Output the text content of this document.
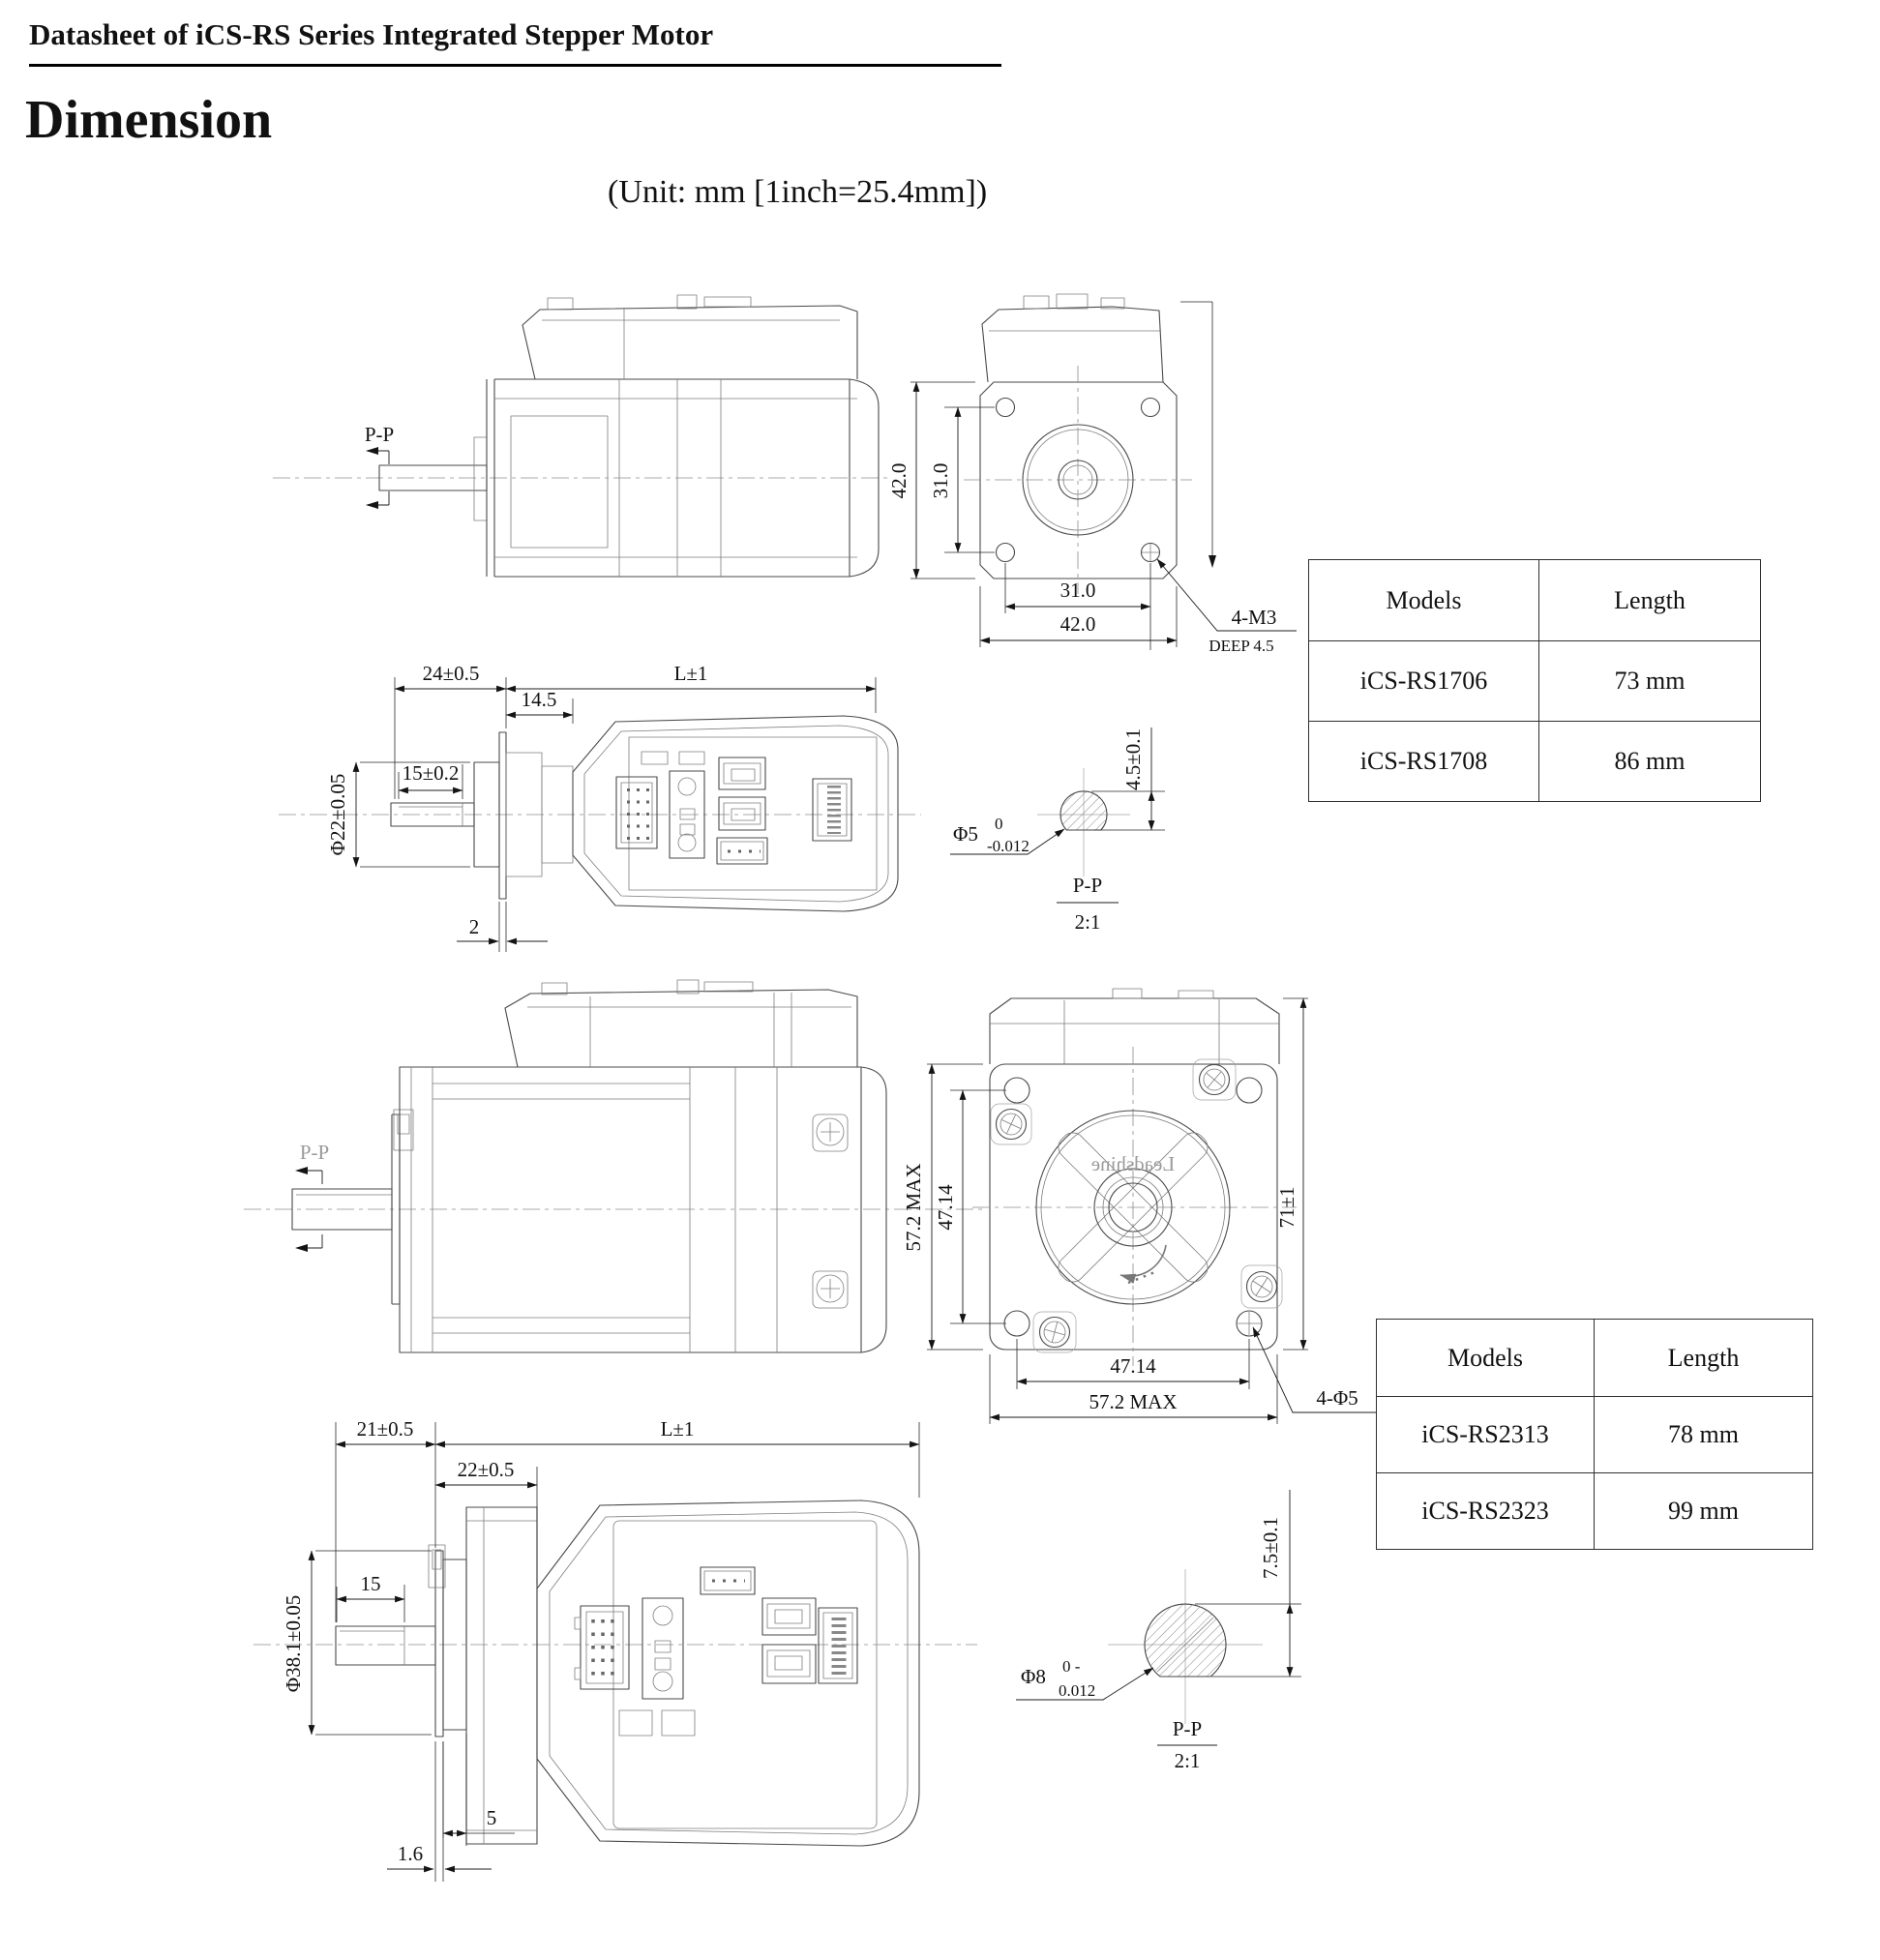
Datasheet of iCS-RS Series Integrated Stepper Motor
Dimension
(Unit: mm [1inch=25.4mm])
P-P
42.0 31.0
31.0
42.0	4-M3
DEEP 4.5
24±0.5	L±1
14.5
15±0.2
Φ22±0.05
2
4.5±0.1
Φ5 0
-0.012
P-P
2:1
P-P	Leadshine
57.2 MAX 47.14	71±1
47.14
57.2 MAX	4-Φ5
21±0.5	L±1
22±0.5
15
Φ38.1±0.05
5
1.6
7.5±0.1
Φ8 0 -
0.012
P-P
2:1
Models	Length
iCS-RS1706	73 mm
iCS-RS1708	86 mm
Models	Length
iCS-RS2313	78 mm
iCS-RS2323	99 mm
